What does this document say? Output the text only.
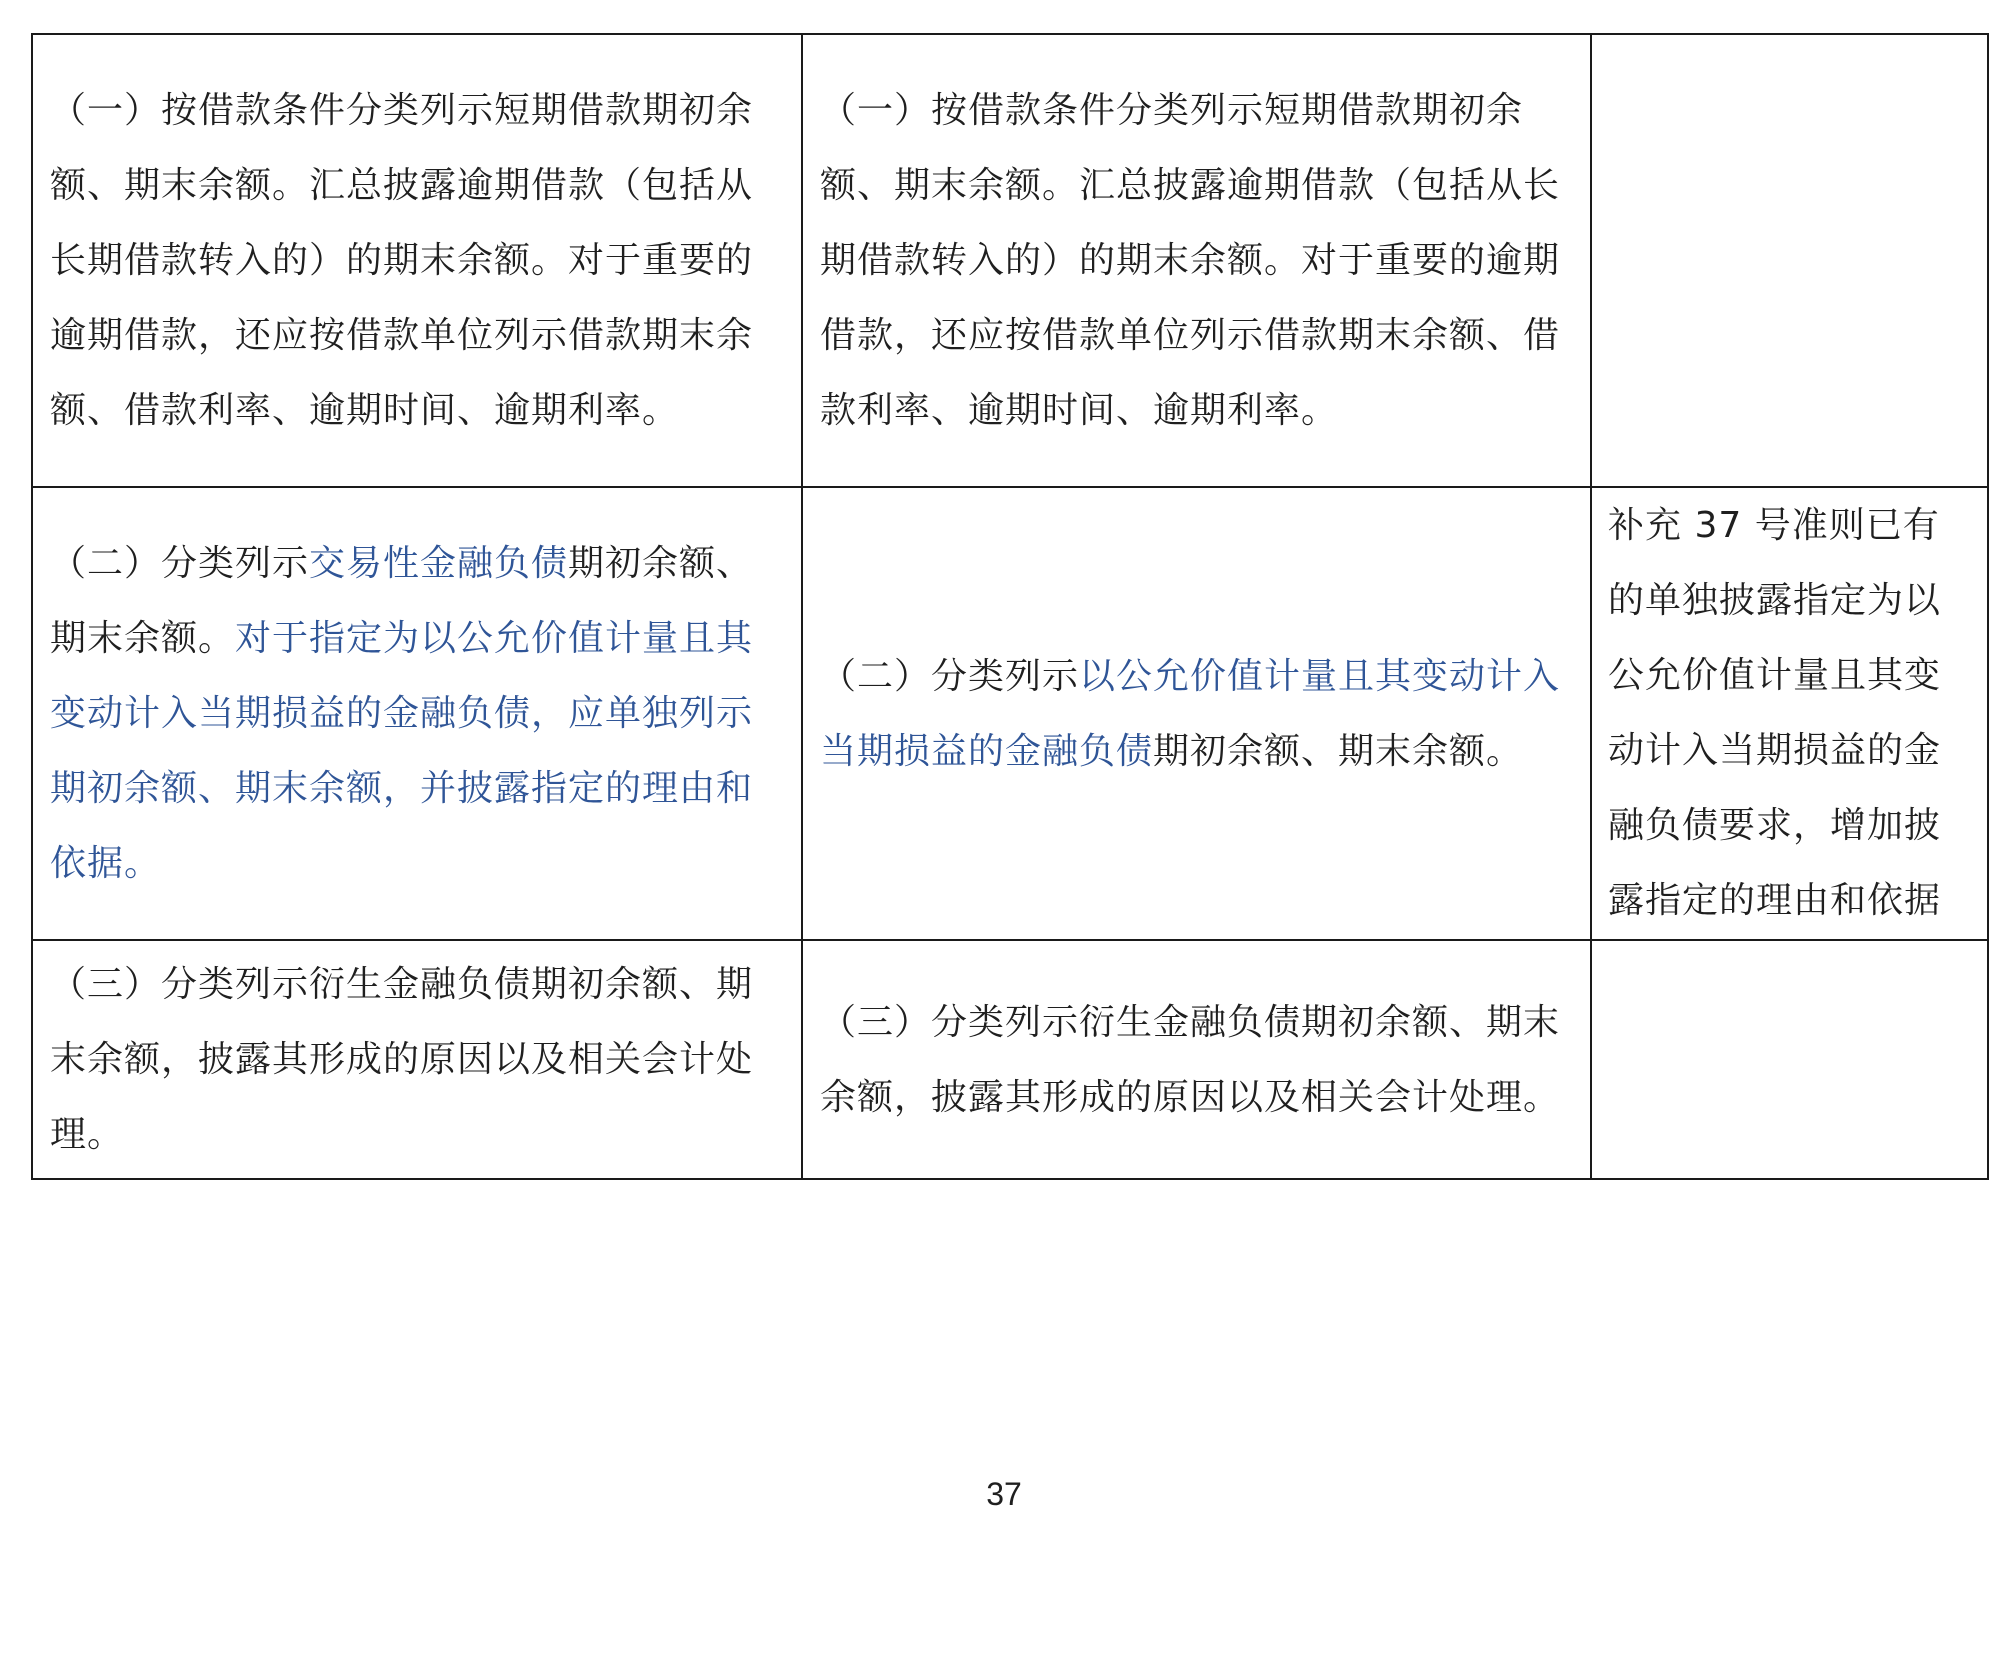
（一）按借款条件分类列示短期借款期初余额、期末余额。汇总披露逾期借款（包括从长期借款转入的）的期末余额。对于重要的逾期借款，还应按借款单位列示借款期末余额、借款利率、逾期时间、逾期利率。	（一）按借款条件分类列示短期借款期初余额、期末余额。汇总披露逾期借款（包括从长期借款转入的）的期末余额。对于重要的逾期借款，还应按借款单位列示借款期末余额、借款利率、逾期时间、逾期利率。	
（二）分类列示交易性金融负债期初余额、期末余额。对于指定为以公允价值计量且其变动计入当期损益的金融负债，应单独列示期初余额、期末余额，并披露指定的理由和依据。	（二）分类列示以公允价值计量且其变动计入当期损益的金融负债期初余额、期末余额。	补充 37 号准则已有的单独披露指定为以公允价值计量且其变动计入当期损益的金融负债要求，增加披露指定的理由和依据
（三）分类列示衍生金融负债期初余额、期末余额，披露其形成的原因以及相关会计处理。	（三）分类列示衍生金融负债期初余额、期末余额，披露其形成的原因以及相关会计处理。	
37
